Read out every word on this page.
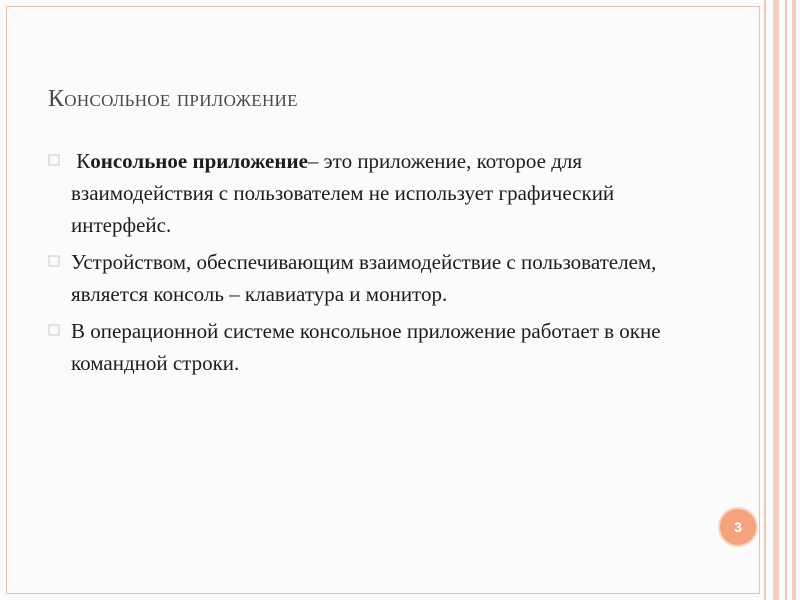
Консольное приложение
Консольное приложение– это приложение, которое для взаимодействия с пользователем не использует графический интерфейс.
Устройством, обеспечивающим взаимодействие с пользователем, является консоль – клавиатура и монитор.
В операционной системе консольное приложение работает в окне командной строки.
3
